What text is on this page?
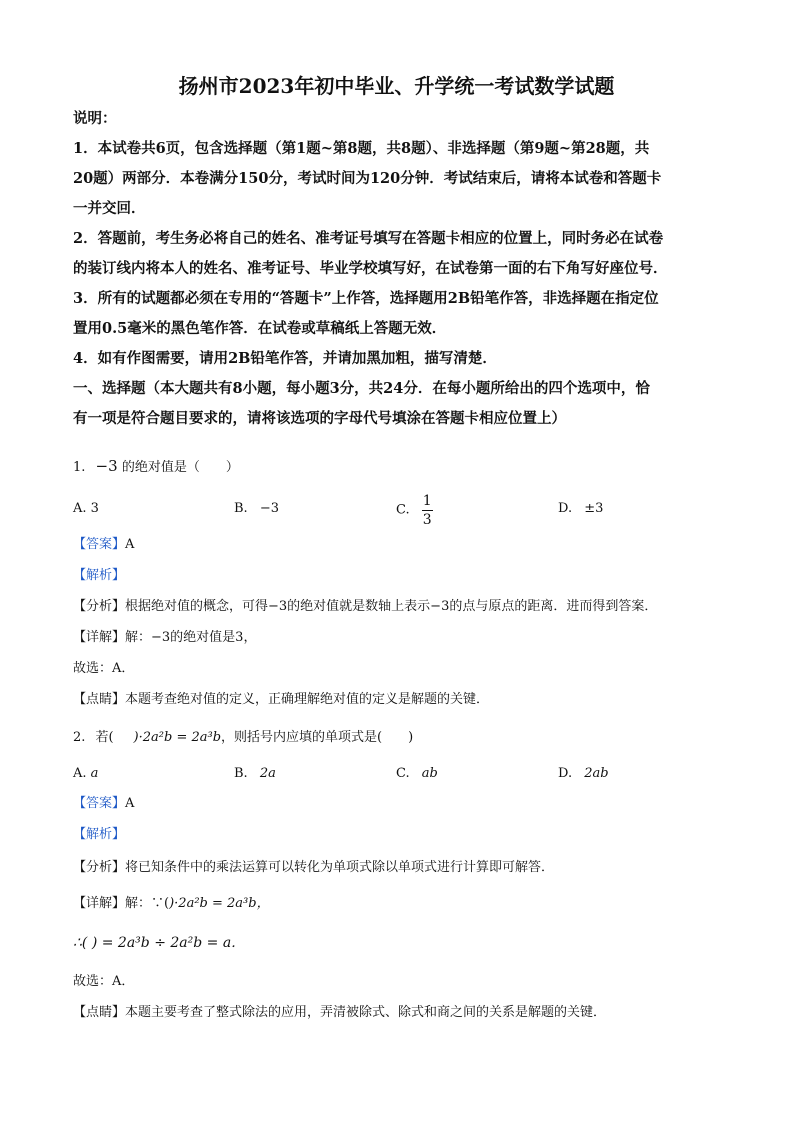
扬州市2023年初中毕业、升学统一考试数学试题

说明：

1．本试卷共6页，包含选择题（第1题~第8题，共8题）、非选择题（第9题~第28题，共

20题）两部分．本卷满分150分，考试时间为120分钟．考试结束后，请将本试卷和答题卡

一并交回．

2．答题前，考生务必将自己的姓名、准考证号填写在答题卡相应的位置上，同时务必在试卷

的装订线内将本人的姓名、准考证号、毕业学校填写好，在试卷第一面的右下角写好座位号．

3．所有的试题都必须在专用的“答题卡”上作答，选择题用2B铅笔作答，非选择题在指定位

置用0.5毫米的黑色笔作答．在试卷或草稿纸上答题无效．

4．如有作图需要，请用2B铅笔作答，并请加黑加粗，描写清楚．

一、选择题（本大题共有8小题，每小题3分，共24分．在每小题所给出的四个选项中，恰

有一项是符合题目要求的，请将该选项的字母代号填涂在答题卡相应位置上）

1. −3 的绝对值是（　　）
A. 3	B. −3	C. $\frac{1}{3}$	D. ±3
【答案】A
【解析】
【分析】根据绝对值的概念，可得−3的绝对值就是数轴上表示−3的点与原点的距离．进而得到答案．
【详解】解：−3的绝对值是3，
故选：A．
【点睛】本题考查绝对值的定义，正确理解绝对值的定义是解题的关键．
2. 若( )·2a²b = 2a³b，则括号内应填的单项式是(　　)
A. a	B. 2a	C. ab	D. 2ab
【答案】A
【解析】
【分析】将已知条件中的乘法运算可以转化为单项式除以单项式进行计算即可解答．
【详解】解：∵()·2a²b = 2a³b，
∴( ) = 2a³b ÷ 2a²b = a．
故选：A．
【点睛】本题主要考查了整式除法的应用，弄清被除式、除式和商之间的关系是解题的关键．
